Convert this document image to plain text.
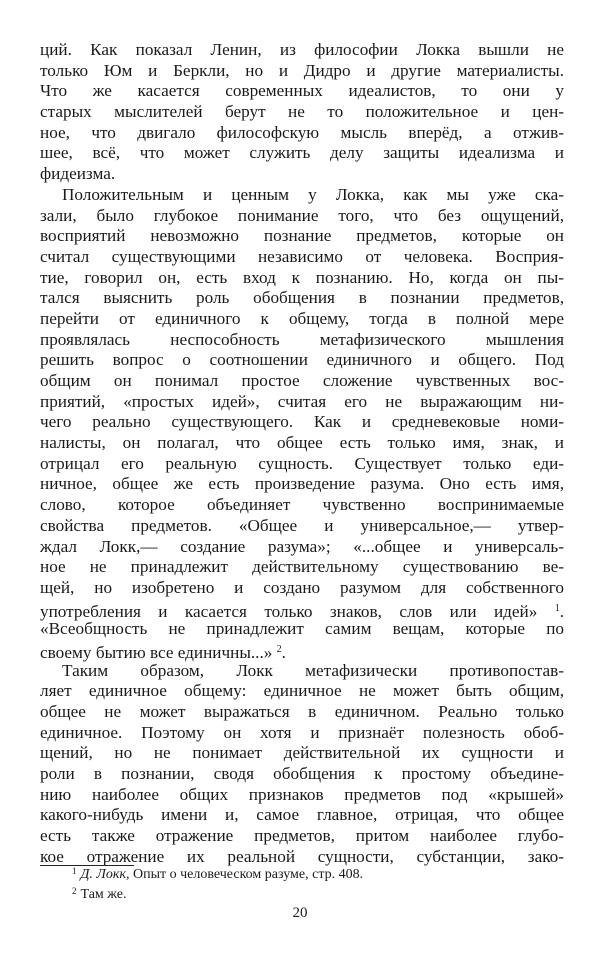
ций. Как показал Ленин, из философии Локка вышли не
только Юм и Беркли, но и Дидро и другие материалисты.
Что же касается современных идеалистов, то они у
старых мыслителей берут не то положительное и цен-
ное, что двигало философскую мысль вперёд, а отжив-
шее, всё, что может служить делу защиты идеализма и
фидеизма.
Положительным и ценным у Локка, как мы уже ска-
зали, было глубокое понимание того, что без ощущений,
восприятий невозможно познание предметов, которые он
считал существующими независимо от человека. Восприя-
тие, говорил он, есть вход к познанию. Но, когда он пы-
тался выяснить роль обобщения в познании предметов,
перейти от единичного к общему, тогда в полной мере
проявлялась неспособность метафизического мышления
решить вопрос о соотношении единичного и общего. Под
общим он понимал простое сложение чувственных вос-
приятий, «простых идей», считая его не выражающим ни-
чего реально существующего. Как и средневековые номи-
налисты, он полагал, что общее есть только имя, знак, и
отрицал его реальную сущность. Существует только еди-
ничное, общее же есть произведение разума. Оно есть имя,
слово, которое объединяет чувственно воспринимаемые
свойства предметов. «Общее и универсальное,— утвер-
ждал Локк,— создание разума»; «...общее и универсаль-
ное не принадлежит действительному существованию ве-
щей, но изобретено и создано разумом для собственного
употребления и касается только знаков, слов или идей» $^1$.
«Всеобщность не принадлежит самим вещам, которые по
своему бытию все единичны...» $^2$.
Таким образом, Локк метафизически противопостав-
ляет единичное общему: единичное не может быть общим,
общее не может выражаться в единичном. Реально только
единичное. Поэтому он хотя и признаёт полезность обоб-
щений, но не понимает действительной их сущности и
роли в познании, сводя обобщения к простому объедине-
нию наиболее общих признаков предметов под «крышей»
какого-нибудь имени и, самое главное, отрицая, что общее
есть также отражение предметов, притом наиболее глубо-
кое отражение их реальной сущности, субстанции, зако-
$^1$ Д. Локк, Опыт о человеческом разуме, стр. 408.
$^2$ Там же.
20
